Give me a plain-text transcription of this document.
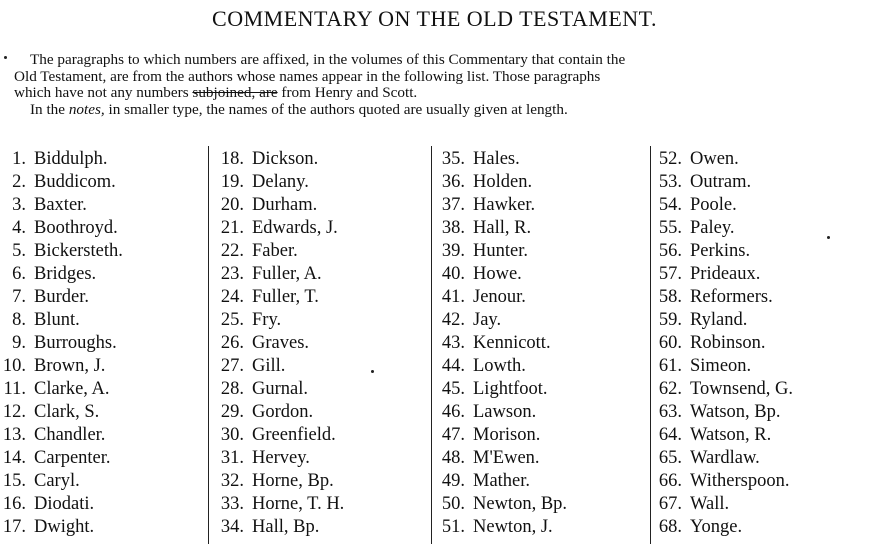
COMMENTARY ON THE OLD TESTAMENT.

The paragraphs to which numbers are affixed, in the volumes of this Commentary that contain the

Old Testament, are from the authors whose names appear in the following list. Those paragraphs

which have not any numbers subjoined, are from Henry and Scott.

In the notes, in smaller type, the names of the authors quoted are usually given at length.

1. Biddulph.
2. Buddicom.
3. Baxter.
4. Boothroyd.
5. Bickersteth.
6. Bridges.
7. Burder.
8. Blunt.
9. Burroughs.
10. Brown, J.
11. Clarke, A.
12. Clark, S.
13. Chandler.
14. Carpenter.
15. Caryl.
16. Diodati.
17. Dwight.
18. Dickson.
19. Delany.
20. Durham.
21. Edwards, J.
22. Faber.
23. Fuller, A.
24. Fuller, T.
25. Fry.
26. Graves.
27. Gill.
28. Gurnal.
29. Gordon.
30. Greenfield.
31. Hervey.
32. Horne, Bp.
33. Horne, T. H.
34. Hall, Bp.
35. Hales.
36. Holden.
37. Hawker.
38. Hall, R.
39. Hunter.
40. Howe.
41. Jenour.
42. Jay.
43. Kennicott.
44. Lowth.
45. Lightfoot.
46. Lawson.
47. Morison.
48. M'Ewen.
49. Mather.
50. Newton, Bp.
51. Newton, J.
52. Owen.
53. Outram.
54. Poole.
55. Paley.
56. Perkins.
57. Prideaux.
58. Reformers.
59. Ryland.
60. Robinson.
61. Simeon.
62. Townsend, G.
63. Watson, Bp.
64. Watson, R.
65. Wardlaw.
66. Witherspoon.
67. Wall.
68. Yonge.
